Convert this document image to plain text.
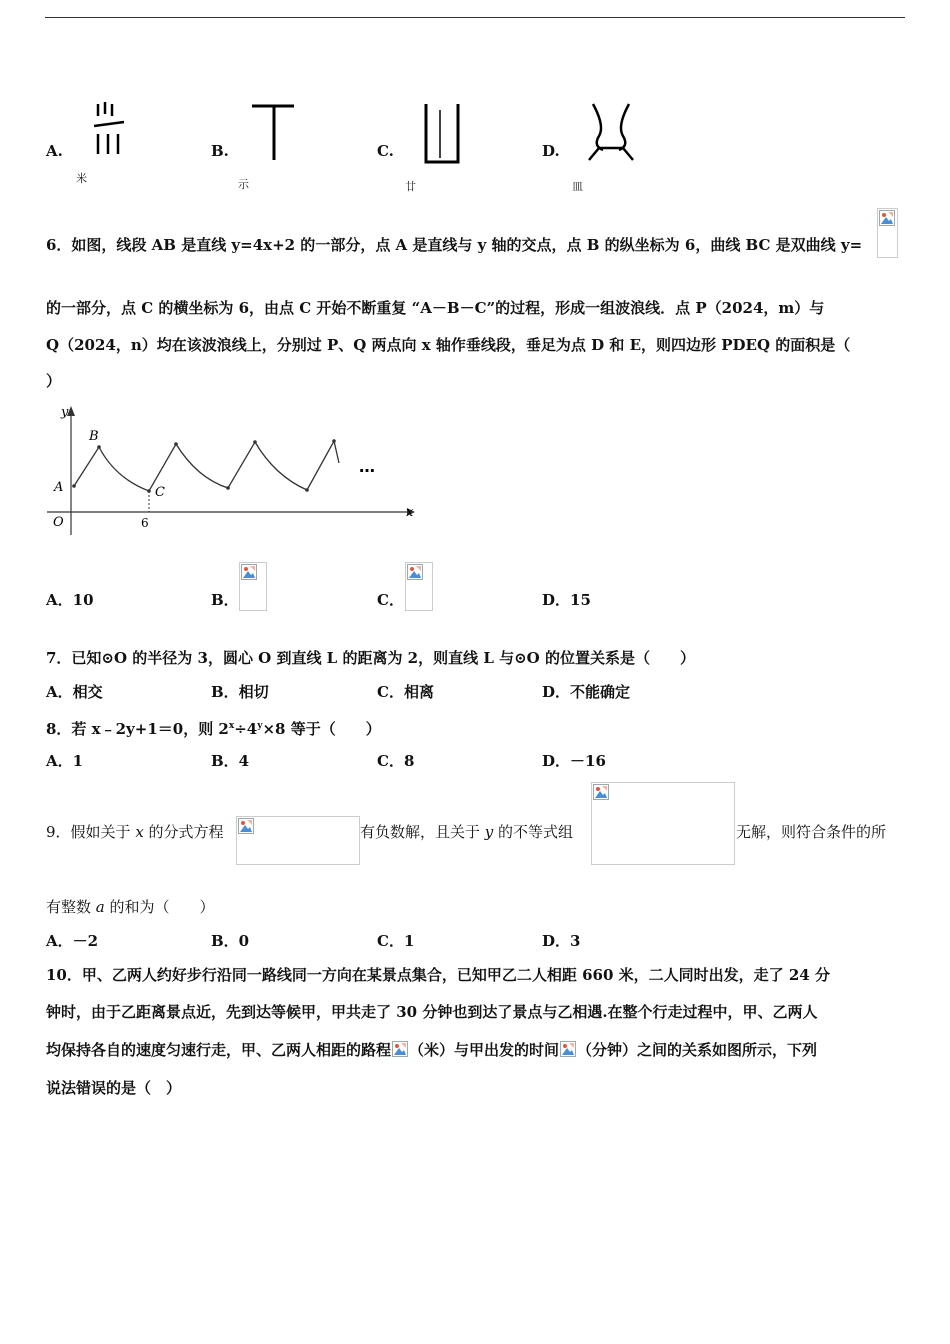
A.
米
B.
示
C.
廿
D.
皿
6．如图，线段 AB 是直线 y=4x+2 的一部分，点 A 是直线与 y 轴的交点，点 B 的纵坐标为 6，曲线 BC 是双曲线 y=
的一部分，点 C 的横坐标为 6，由点 C 开始不断重复 “A－B－C”的过程，形成一组波浪线．点 P（2024，m）与
Q（2024，n）均在该波浪线上，分别过 P、Q 两点向 x 轴作垂线段，垂足为点 D 和 E，则四边形 PDEQ 的面积是（
）
y
x
O
A
B
C
6
…
A．10	B．	C．	D．15
7．已知⊙O 的半径为 3，圆心 O 到直线 L 的距离为 2，则直线 L 与⊙O 的位置关系是（　　）
A．相交	B．相切	C．相离	D．不能确定
8．若 x﹣2y+1＝0，则 $2^x\div 4^y\times 8$ 等于（　　）
A．1	B．4	C．8	D．－16
9．假如关于 x 的分式方程	有负数解，且关于 y 的不等式组	无解，则符合条件的所
有整数 a 的和为（　　）
A．－2	B．0	C．1	D．3
10．甲、乙两人约好步行沿同一路线同一方向在某景点集合，已知甲乙二人相距 660 米，二人同时出发，走了 24 分
钟时，由于乙距离景点近，先到达等候甲，甲共走了 30 分钟也到达了景点与乙相遇.在整个行走过程中，甲、乙两人
均保持各自的速度匀速行走，甲、乙两人相距的路程 （米）与甲出发的时间 （分钟）之间的关系如图所示，下列
说法错误的是（　）
